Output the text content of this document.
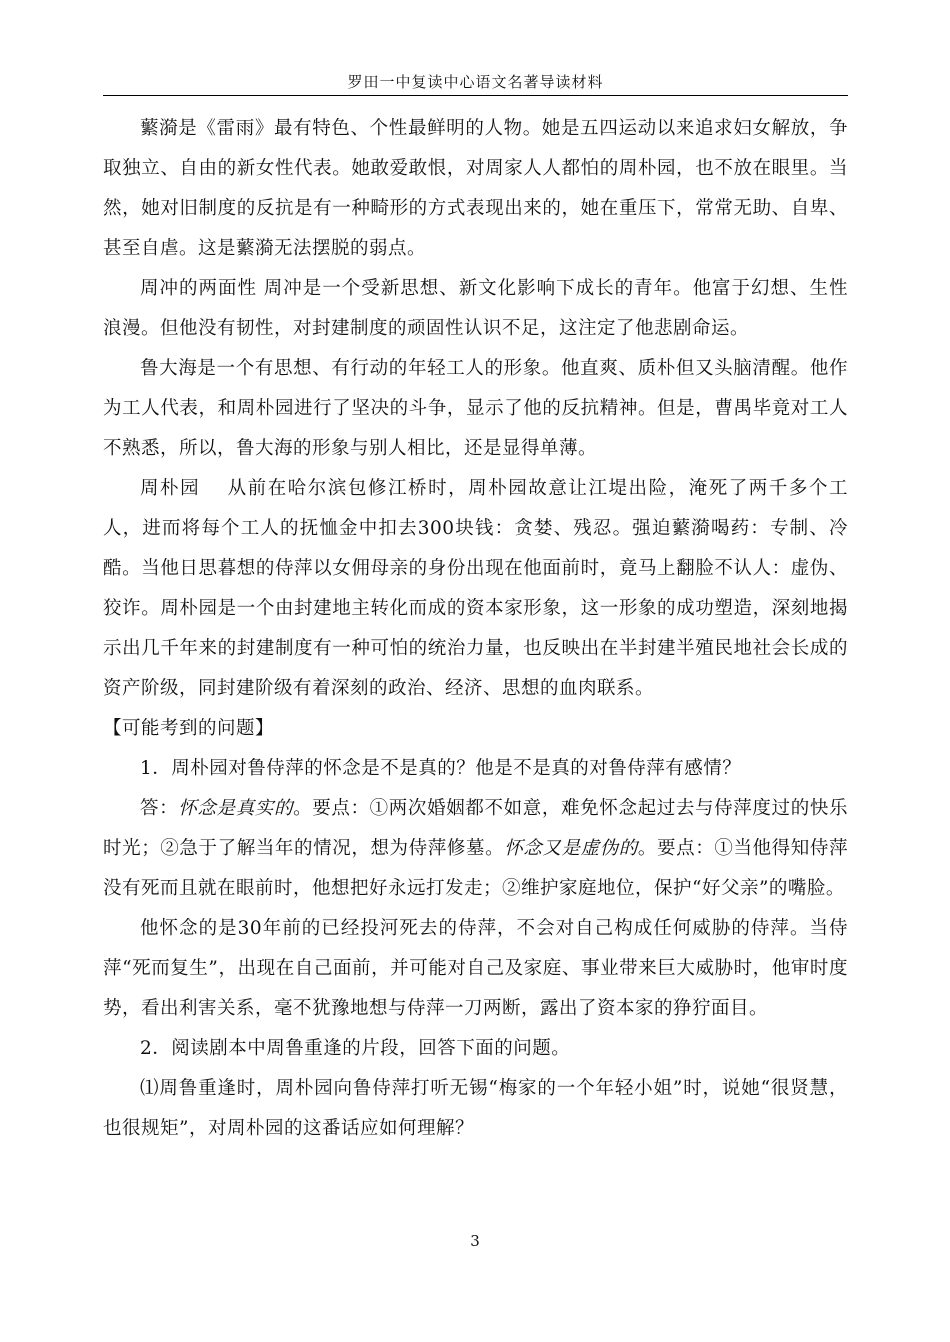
罗田一中复读中心语文名著导读材料

蘩漪是《雷雨》最有特色、个性最鲜明的人物。她是五四运动以来追求妇女解放，争取独立、自由的新女性代表。她敢爱敢恨，对周家人人都怕的周朴园，也不放在眼里。当然，她对旧制度的反抗是有一种畸形的方式表现出来的，她在重压下，常常无助、自卑、甚至自虐。这是蘩漪无法摆脱的弱点。

周冲的两面性 周冲是一个受新思想、新文化影响下成长的青年。他富于幻想、生性浪漫。但他没有韧性，对封建制度的顽固性认识不足，这注定了他悲剧命运。

鲁大海是一个有思想、有行动的年轻工人的形象。他直爽、质朴但又头脑清醒。他作为工人代表，和周朴园进行了坚决的斗争，显示了他的反抗精神。但是，曹禺毕竟对工人不熟悉，所以，鲁大海的形象与别人相比，还是显得单薄。

周朴园　 从前在哈尔滨包修江桥时，周朴园故意让江堤出险，淹死了两千多个工人，进而将每个工人的抚恤金中扣去300块钱：贪婪、残忍。强迫蘩漪喝药：专制、冷酷。当他日思暮想的侍萍以女佣母亲的身份出现在他面前时，竟马上翻脸不认人：虚伪、狡诈。周朴园是一个由封建地主转化而成的资本家形象，这一形象的成功塑造，深刻地揭示出几千年来的封建制度有一种可怕的统治力量，也反映出在半封建半殖民地社会长成的资产阶级，同封建阶级有着深刻的政治、经济、思想的血肉联系。

【可能考到的问题】

1．周朴园对鲁侍萍的怀念是不是真的？他是不是真的对鲁侍萍有感情？

答：怀念是真实的。要点：①两次婚姻都不如意，难免怀念起过去与侍萍度过的快乐时光；②急于了解当年的情况，想为侍萍修墓。怀念又是虚伪的。要点：①当他得知侍萍没有死而且就在眼前时，他想把好永远打发走；②维护家庭地位，保护“好父亲”的嘴脸。

他怀念的是30年前的已经投河死去的侍萍，不会对自己构成任何威胁的侍萍。当侍萍“死而复生”，出现在自己面前，并可能对自己及家庭、事业带来巨大威胁时，他审时度势，看出利害关系，毫不犹豫地想与侍萍一刀两断，露出了资本家的狰狞面目。

2．阅读剧本中周鲁重逢的片段，回答下面的问题。

⑴周鲁重逢时，周朴园向鲁侍萍打听无锡“梅家的一个年轻小姐”时，说她“很贤慧，也很规矩”，对周朴园的这番话应如何理解？

3
